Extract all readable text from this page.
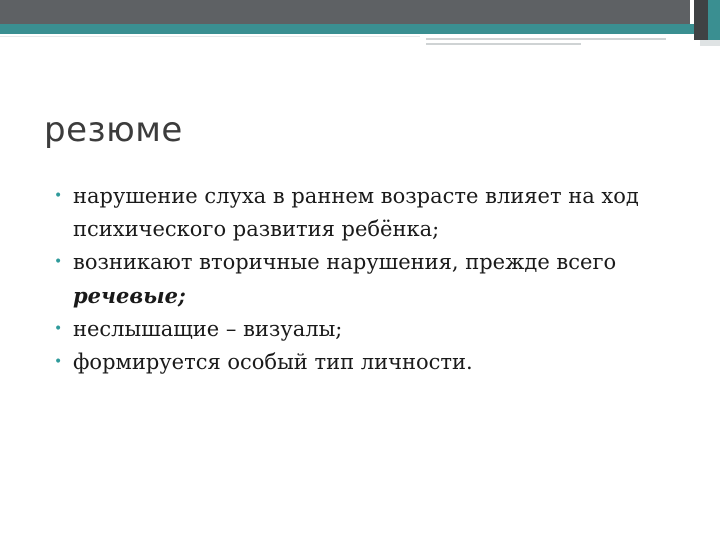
резюме
• нарушение слуха в раннем возрасте влияет на ход психического развития ребёнка;
• возникают вторичные нарушения, прежде всего речевые;
• неслышащие – визуалы;
• формируется особый тип личности.
